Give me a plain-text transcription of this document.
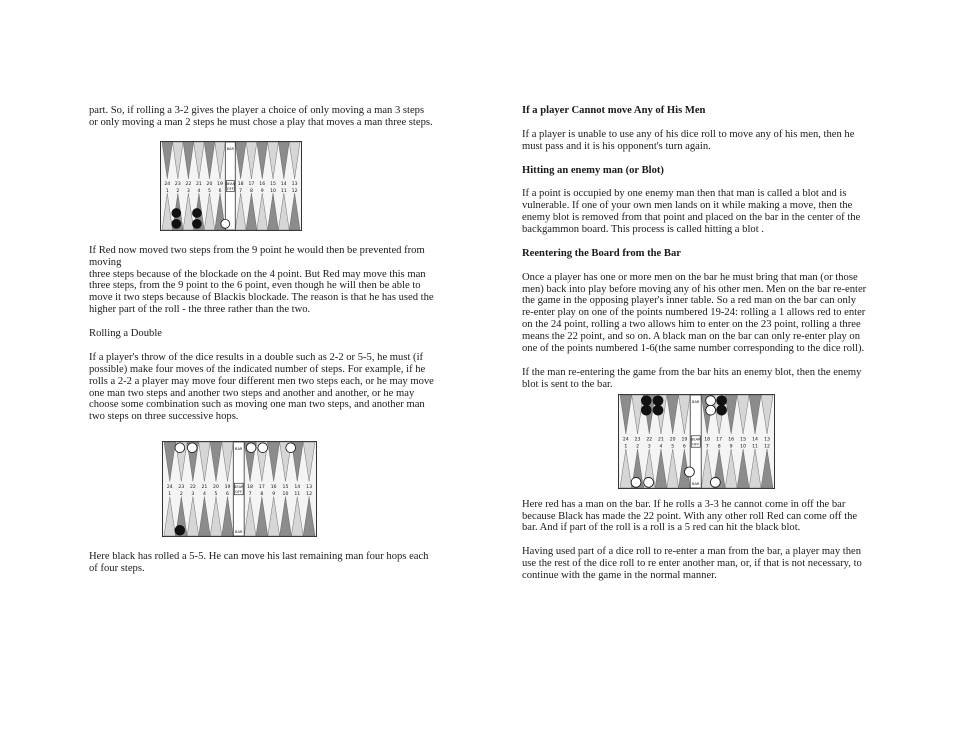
part. So, if rolling a 3-2 gives the player a choice of only moving a man 3 steps or only moving a man 2 steps he must chose a play that moves a man three steps.

24
1
23
2
22
3
21
4
20
5
19
6
18
7
17
8
16
9
15
10
14
11
13
12
BAR
BEAR
OFF

If Red now moved two steps from the 9 point he would then be prevented from moving
three steps because of the blockade on the 4 point. But Red may move this man three steps, from the 9 point to the 6 point, even though he will then be able to move it two steps because of Blackis blockade. The reason is that he has used the higher part of the roll - the three rather than the two.

Rolling a Double

If a player's throw of the dice results in a double such as 2-2 or 5-5, he must (if possible) make four moves of the indicated number of steps. For example, if he rolls a 2-2 a player may move four different men two steps each, or he may move one man two steps and another two steps and another and another, or he may choose some combination such as moving one man two steps, and another man two steps on three successive hops.

24
1
23
2
22
3
21
4
20
5
19
6
18
7
17
8
16
9
15
10
14
11
13
12
BAR
BAR
BEAR
OFF

Here black has rolled a 5-5. He can move his last remaining man four hops each of four steps.

If a player Cannot move Any of His Men

If a player is unable to use any of his dice roll to move any of his men, then he must pass and it is his opponent's turn again.

Hitting an enemy man (or Blot)

If a point is occupied by one enemy man then that man is called a blot and is vulnerable. If one of your own men lands on it while making a move, then the enemy blot is removed from that point and placed on the bar in the center of the backgammon board. This process is called hitting a blot .

Reentering the Board from the Bar

Once a player has one or more men on the bar he must bring that man (or those men) back into play before moving any of his other men. Men on the bar re-enter the game in the opposing player's inner table. So a red man on the bar can only re-enter play on one of the points numbered 19-24: rolling a 1 allows red to enter on the 24 point, rolling a two allows him to enter on the 23 point, rolling a three means the 22 point, and so on. A black man on the bar can only re-enter play on one of the points numbered 1-6(the same number corresponding to the dice roll).

If the man re-entering the game from the bar hits an enemy blot, then the enemy blot is sent to the bar.

24
1
23
2
22
3
21
4
20
5
19
6
18
7
17
8
16
9
15
10
14
11
13
12
BAR
BAR
BEAR
OFF

Here red has a man on the bar. If he rolls a 3-3 he cannot come in off the bar because Black has made the 22 point. With any other roll Red can come off the bar. And if part of the roll is a roll is a 5 red can hit the black blot.

Having used part of a dice roll to re-enter a man from the bar, a player may then use the rest of the dice roll to re enter another man, or, if that is not necessary, to continue with the game in the normal manner.
